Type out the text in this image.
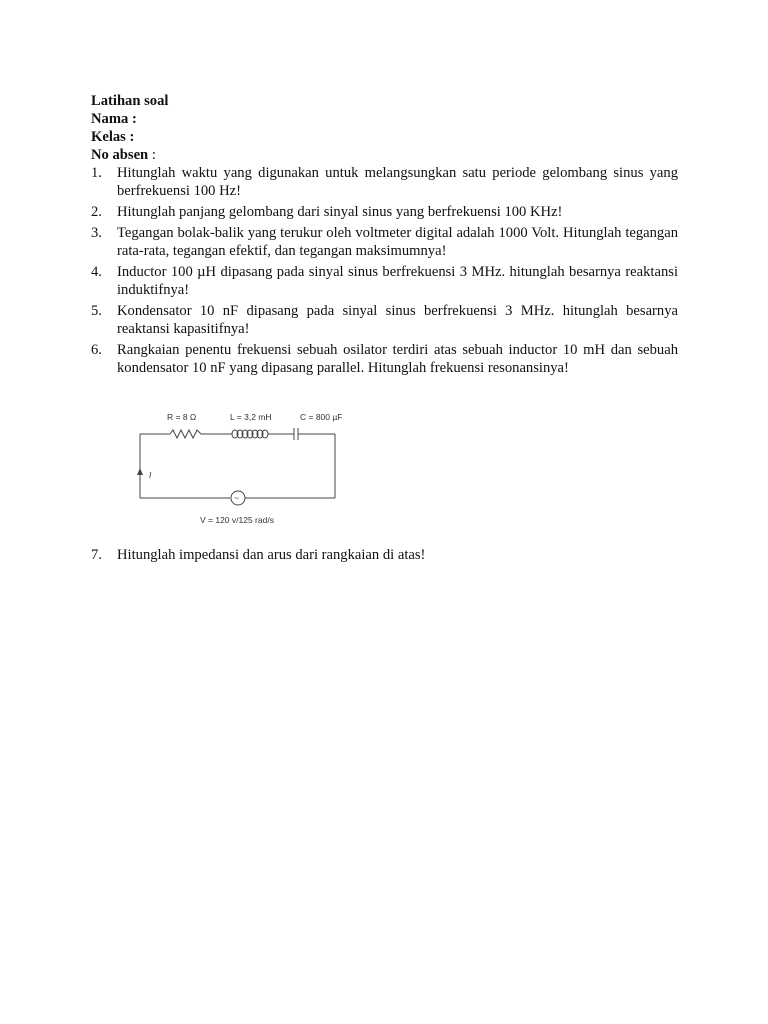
Latihan soal
Nama :
Kelas :
No absen :
1. Hitunglah waktu yang digunakan untuk melangsungkan satu periode gelombang sinus yang berfrekuensi 100 Hz!
2. Hitunglah panjang gelombang dari sinyal sinus yang berfrekuensi 100 KHz!
3. Tegangan bolak-balik yang terukur oleh voltmeter digital adalah 1000 Volt. Hitunglah tegangan rata-rata, tegangan efektif, dan tegangan maksimumnya!
4. Inductor 100 µH dipasang pada sinyal sinus berfrekuensi 3 MHz. hitunglah besarnya reaktansi induktifnya!
5. Kondensator 10 nF dipasang pada sinyal sinus berfrekuensi 3 MHz. hitunglah besarnya reaktansi kapasitifnya!
6. Rangkaian penentu frekuensi sebuah osilator terdiri atas sebuah inductor 10 mH dan sebuah kondensator 10 nF yang dipasang parallel. Hitunglah frekuensi resonansinya!
R = 8 Ω	L = 3,2 mH	C = 800 µF
I
~
V = 120 v/125 rad/s
7. Hitunglah impedansi dan arus dari rangkaian di atas!
